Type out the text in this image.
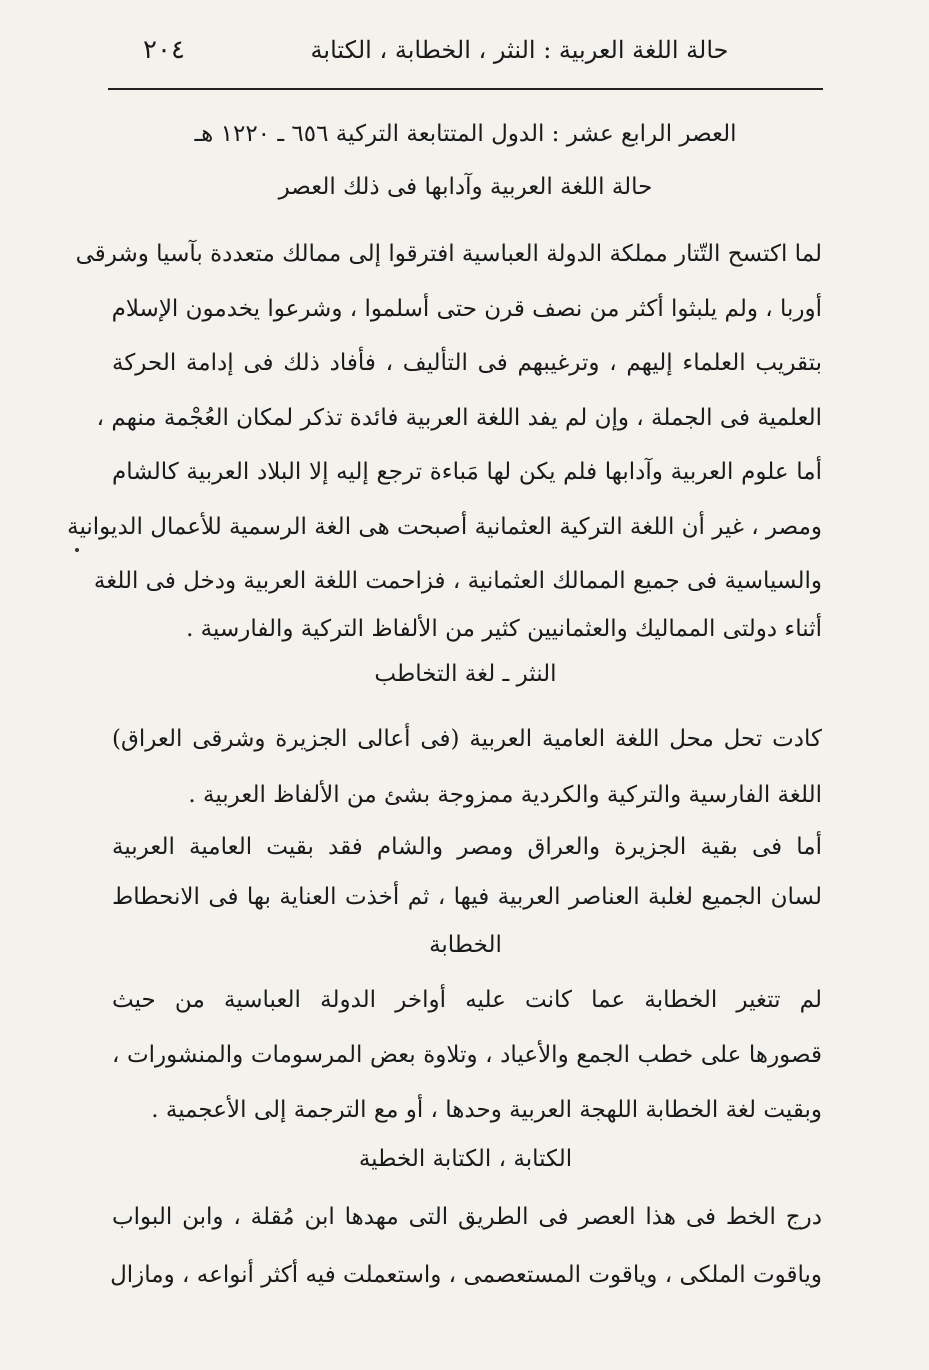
٢٠٤	حالة اللغة العربية : النثر ، الخطابة ، الكتابة
العصر الرابع عشر : الدول المتتابعة التركية ٦٥٦ ـ ١٢٢٠ هـ
حالة اللغة العربية وآدابها فى ذلك العصر
لما اكتسح التّتار مملكة الدولة العباسية افترقوا إلى ممالك متعددة بآسيا وشرقى
أوربا ، ولم يلبثوا أكثر من نصف قرن حتى أسلموا ، وشرعوا يخدمون الإسلام
بتقريب العلماء إليهم ، وترغيبهم فى التأليف ، فأفاد ذلك فى إدامة الحركة
العلمية فى الجملة ، وإن لم يفد اللغة العربية فائدة تذكر لمكان العُجْمة منهم ،
أما علوم العربية وآدابها فلم يكن لها مَباءة ترجع إليه إلا البلاد العربية كالشام
ومصر ، غير أن اللغة التركية العثمانية أصبحت هى الغة الرسمية للأعمال الديوانية
والسياسية فى جميع الممالك العثمانية ، فزاحمت اللغة العربية ودخل فى اللغة
أثناء دولتى المماليك والعثمانيين كثير من الألفاظ التركية والفارسية .
النثر ـ لغة التخاطب
كادت تحل محل اللغة العامية العربية (فى أعالى الجزيرة وشرقى العراق)
اللغة الفارسية والتركية والكردية ممزوجة بشئ من الألفاظ العربية .
أما فى بقية الجزيرة والعراق ومصر والشام فقد بقيت العامية العربية
لسان الجميع لغلبة العناصر العربية فيها ، ثم أخذت العناية بها فى الانحطاط
الخطابة
لم تتغير الخطابة عما كانت عليه أواخر الدولة العباسية من حيث
قصورها على خطب الجمع والأعياد ، وتلاوة بعض المرسومات والمنشورات ،
وبقيت لغة الخطابة اللهجة العربية وحدها ، أو مع الترجمة إلى الأعجمية .
الكتابة ، الكتابة الخطية
درج الخط فى هذا العصر فى الطريق التى مهدها ابن مُقلة ، وابن البواب
وياقوت الملكى ، وياقوت المستعصمى ، واستعملت فيه أكثر أنواعه ، ومازال
